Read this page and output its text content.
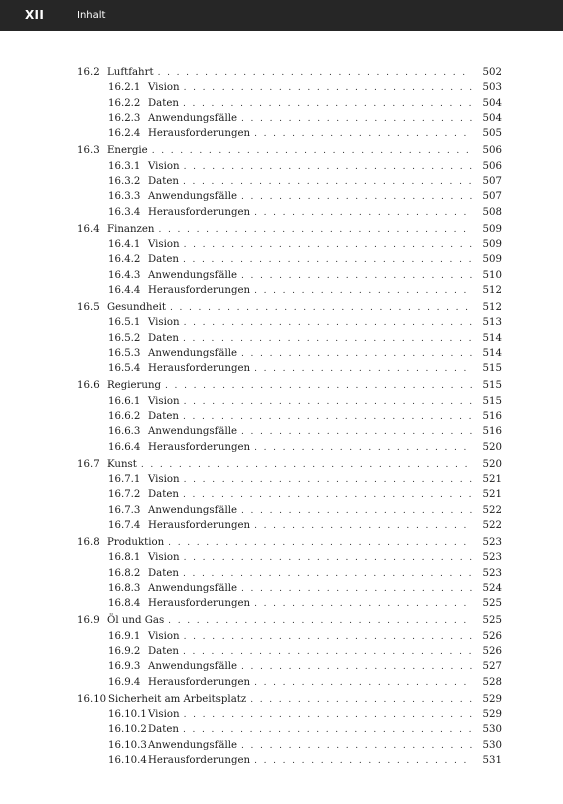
XII	Inhalt
16.2 Luftfahrt . . .	502
16.2.1 Vision . . .	503
16.2.2 Daten . . .	504
16.2.3 Anwendungsfälle . . .	504
16.2.4 Herausforderungen . . .	505
16.3 Energie . . .	506
16.3.1 Vision . . .	506
16.3.2 Daten . . .	507
16.3.3 Anwendungsfälle . . .	507
16.3.4 Herausforderungen . . .	508
16.4 Finanzen . . .	509
16.4.1 Vision . . .	509
16.4.2 Daten . . .	509
16.4.3 Anwendungsfälle . . .	510
16.4.4 Herausforderungen . . .	512
16.5 Gesundheit . . .	512
16.5.1 Vision . . .	513
16.5.2 Daten . . .	514
16.5.3 Anwendungsfälle . . .	514
16.5.4 Herausforderungen . . .	515
16.6 Regierung . . .	515
16.6.1 Vision . . .	515
16.6.2 Daten . . .	516
16.6.3 Anwendungsfälle . . .	516
16.6.4 Herausforderungen . . .	520
16.7 Kunst . . .	520
16.7.1 Vision . . .	521
16.7.2 Daten . . .	521
16.7.3 Anwendungsfälle . . .	522
16.7.4 Herausforderungen . . .	522
16.8 Produktion . . .	523
16.8.1 Vision . . .	523
16.8.2 Daten . . .	523
16.8.3 Anwendungsfälle . . .	524
16.8.4 Herausforderungen . . .	525
16.9 Öl und Gas . . .	525
16.9.1 Vision . . .	526
16.9.2 Daten . . .	526
16.9.3 Anwendungsfälle . . .	527
16.9.4 Herausforderungen . . .	528
16.10 Sicherheit am Arbeitsplatz . . .	529
16.10.1 Vision . . .	529
16.10.2 Daten . . .	530
16.10.3 Anwendungsfälle . . .	530
16.10.4 Herausforderungen . . .	531
